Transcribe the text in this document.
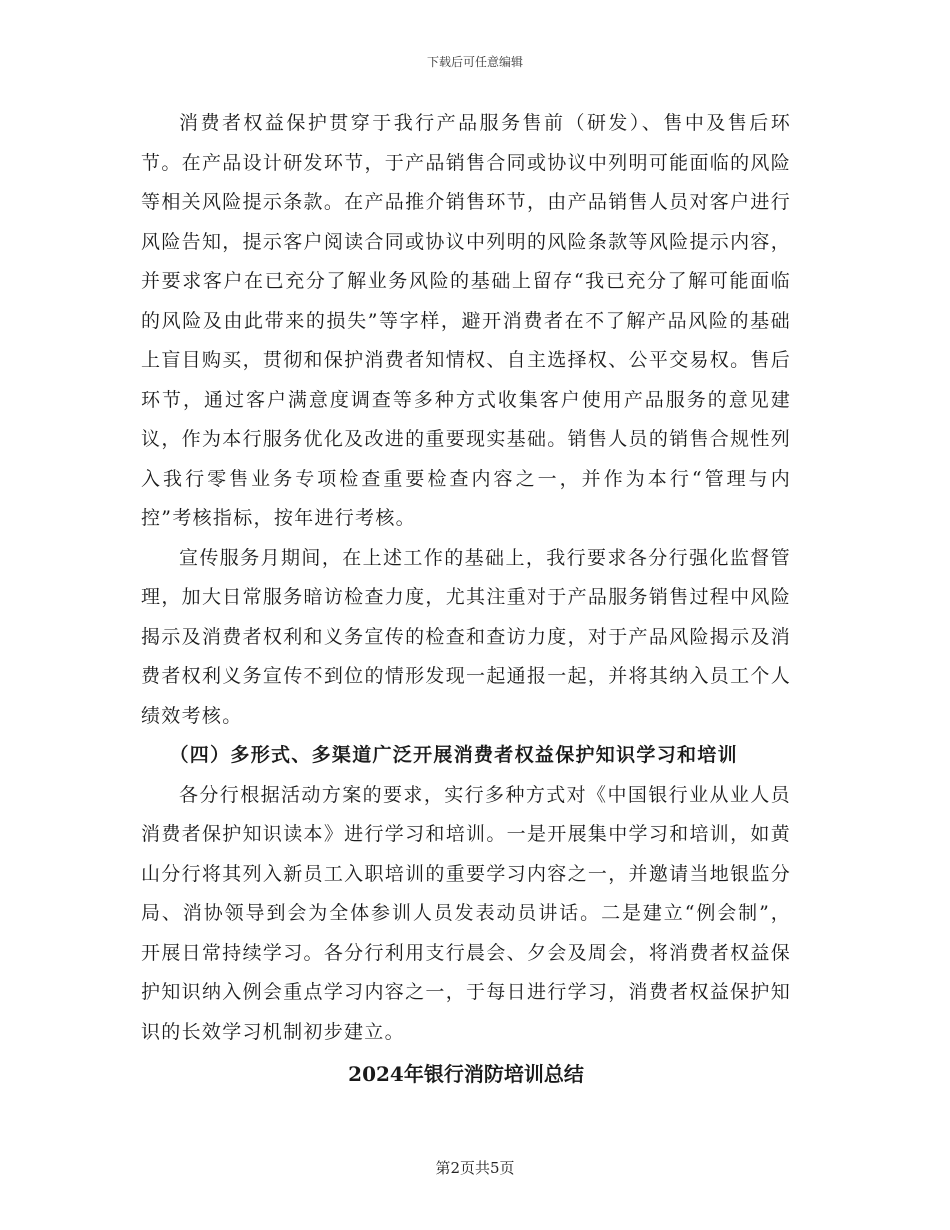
下载后可任意编辑

消费者权益保护贯穿于我行产品服务售前（研发）、售中及售后环节。在产品设计研发环节，于产品销售合同或协议中列明可能面临的风险等相关风险提示条款。在产品推介销售环节，由产品销售人员对客户进行风险告知，提示客户阅读合同或协议中列明的风险条款等风险提示内容，并要求客户在已充分了解业务风险的基础上留存“我已充分了解可能面临的风险及由此带来的损失”等字样，避开消费者在不了解产品风险的基础上盲目购买，贯彻和保护消费者知情权、自主选择权、公平交易权。售后环节，通过客户满意度调查等多种方式收集客户使用产品服务的意见建议，作为本行服务优化及改进的重要现实基础。销售人员的销售合规性列入我行零售业务专项检查重要检查内容之一，并作为本行“管理与内控”考核指标，按年进行考核。

宣传服务月期间，在上述工作的基础上，我行要求各分行强化监督管理，加大日常服务暗访检查力度，尤其注重对于产品服务销售过程中风险揭示及消费者权利和义务宣传的检查和查访力度，对于产品风险揭示及消费者权利义务宣传不到位的情形发现一起通报一起，并将其纳入员工个人绩效考核。

（四）多形式、多渠道广泛开展消费者权益保护知识学习和培训

各分行根据活动方案的要求，实行多种方式对《中国银行业从业人员消费者保护知识读本》进行学习和培训。一是开展集中学习和培训，如黄山分行将其列入新员工入职培训的重要学习内容之一，并邀请当地银监分局、消协领导到会为全体参训人员发表动员讲话。二是建立“例会制”，开展日常持续学习。各分行利用支行晨会、夕会及周会，将消费者权益保护知识纳入例会重点学习内容之一，于每日进行学习，消费者权益保护知识的长效学习机制初步建立。

2024年银行消防培训总结

第2页共5页
